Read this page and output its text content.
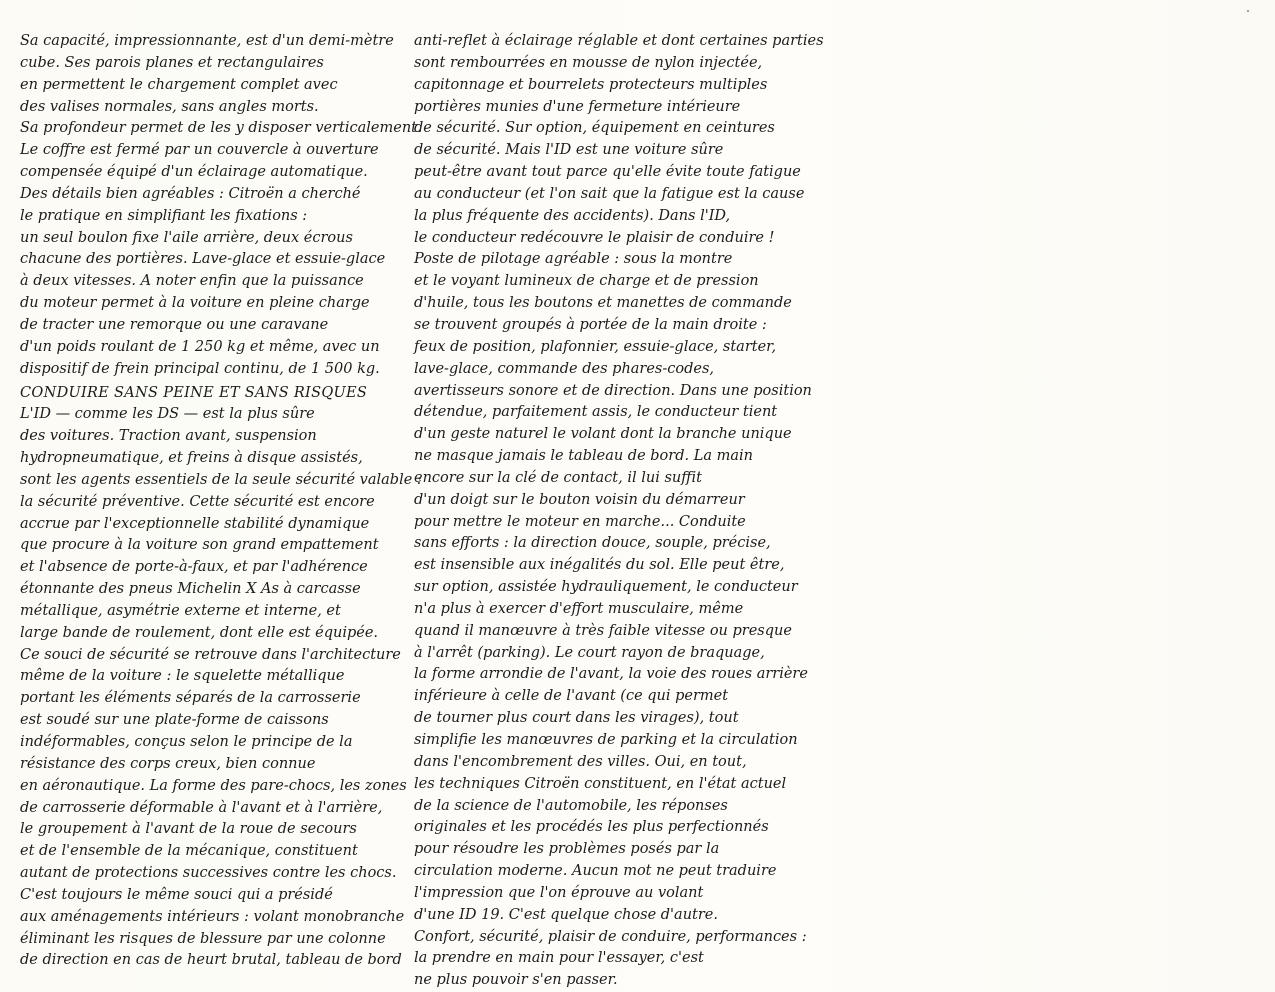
Sa capacité, impressionnante, est d'un demi-mètre
cube. Ses parois planes et rectangulaires
en permettent le chargement complet avec
des valises normales, sans angles morts.
Sa profondeur permet de les y disposer verticalement.
Le coffre est fermé par un couvercle à ouverture
compensée équipé d'un éclairage automatique.
Des détails bien agréables : Citroën a cherché
le pratique en simplifiant les fixations :
un seul boulon fixe l'aile arrière, deux écrous
chacune des portières. Lave-glace et essuie-glace
à deux vitesses. A noter enfin que la puissance
du moteur permet à la voiture en pleine charge
de tracter une remorque ou une caravane
d'un poids roulant de 1 250 kg et même, avec un
dispositif de frein principal continu, de 1 500 kg.
CONDUIRE SANS PEINE ET SANS RISQUES
L'ID — comme les DS — est la plus sûre
des voitures. Traction avant, suspension
hydropneumatique, et freins à disque assistés,
sont les agents essentiels de la seule sécurité valable :
la sécurité préventive. Cette sécurité est encore
accrue par l'exceptionnelle stabilité dynamique
que procure à la voiture son grand empattement
et l'absence de porte-à-faux, et par l'adhérence
étonnante des pneus Michelin X As à carcasse
métallique, asymétrie externe et interne, et
large bande de roulement, dont elle est équipée.
Ce souci de sécurité se retrouve dans l'architecture
même de la voiture : le squelette métallique
portant les éléments séparés de la carrosserie
est soudé sur une plate-forme de caissons
indéformables, conçus selon le principe de la
résistance des corps creux, bien connue
en aéronautique. La forme des pare-chocs, les zones
de carrosserie déformable à l'avant et à l'arrière,
le groupement à l'avant de la roue de secours
et de l'ensemble de la mécanique, constituent
autant de protections successives contre les chocs.
C'est toujours le même souci qui a présidé
aux aménagements intérieurs : volant monobranche
éliminant les risques de blessure par une colonne
de direction en cas de heurt brutal, tableau de bord
anti-reflet à éclairage réglable et dont certaines parties
sont rembourrées en mousse de nylon injectée,
capitonnage et bourrelets protecteurs multiples
portières munies d'une fermeture intérieure
de sécurité. Sur option, équipement en ceintures
de sécurité. Mais l'ID est une voiture sûre
peut-être avant tout parce qu'elle évite toute fatigue
au conducteur (et l'on sait que la fatigue est la cause
la plus fréquente des accidents). Dans l'ID,
le conducteur redécouvre le plaisir de conduire !
Poste de pilotage agréable : sous la montre
et le voyant lumineux de charge et de pression
d'huile, tous les boutons et manettes de commande
se trouvent groupés à portée de la main droite :
feux de position, plafonnier, essuie-glace, starter,
lave-glace, commande des phares-codes,
avertisseurs sonore et de direction. Dans une position
détendue, parfaitement assis, le conducteur tient
d'un geste naturel le volant dont la branche unique
ne masque jamais le tableau de bord. La main
encore sur la clé de contact, il lui suffit
d'un doigt sur le bouton voisin du démarreur
pour mettre le moteur en marche... Conduite
sans efforts : la direction douce, souple, précise,
est insensible aux inégalités du sol. Elle peut être,
sur option, assistée hydrauliquement, le conducteur
n'a plus à exercer d'effort musculaire, même
quand il manœuvre à très faible vitesse ou presque
à l'arrêt (parking). Le court rayon de braquage,
la forme arrondie de l'avant, la voie des roues arrière
inférieure à celle de l'avant (ce qui permet
de tourner plus court dans les virages), tout
simplifie les manœuvres de parking et la circulation
dans l'encombrement des villes. Oui, en tout,
les techniques Citroën constituent, en l'état actuel
de la science de l'automobile, les réponses
originales et les procédés les plus perfectionnés
pour résoudre les problèmes posés par la
circulation moderne. Aucun mot ne peut traduire
l'impression que l'on éprouve au volant
d'une ID 19. C'est quelque chose d'autre.
Confort, sécurité, plaisir de conduire, performances :
la prendre en main pour l'essayer, c'est
ne plus pouvoir s'en passer.
